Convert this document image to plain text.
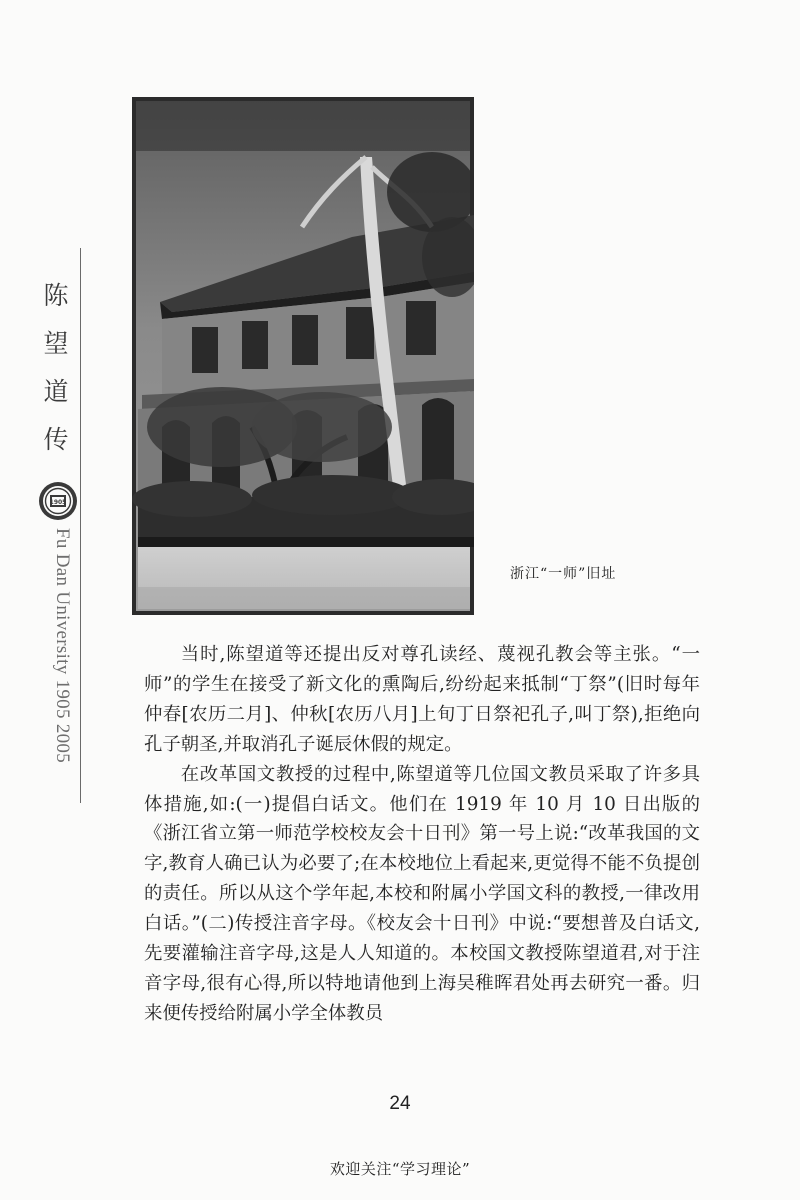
陈
望
道
传
1905
Fu Dan University 1905 2005	浙江“一师”旧址

当时,陈望道等还提出反对尊孔读经、蔑视孔教会等主张。“一师”的学生在接受了新文化的熏陶后,纷纷起来抵制“丁祭”(旧时每年仲春[农历二月]、仲秋[农历八月]上旬丁日祭祀孔子,叫丁祭),拒绝向孔子朝圣,并取消孔子诞辰休假的规定。

在改革国文教授的过程中,陈望道等几位国文教员采取了许多具体措施,如:(一)提倡白话文。他们在 1919 年 10 月 10 日出版的《浙江省立第一师范学校校友会十日刊》第一号上说:“改革我国的文字,教育人确已认为必要了;在本校地位上看起来,更觉得不能不负提创的责任。所以从这个学年起,本校和附属小学国文科的教授,一律改用白话。”(二)传授注音字母。《校友会十日刊》中说:“要想普及白话文,先要灌输注音字母,这是人人知道的。本校国文教授陈望道君,对于注音字母,很有心得,所以特地请他到上海吴稚晖君处再去研究一番。归来便传授给附属小学全体教员

24
欢迎关注“学习理论”
